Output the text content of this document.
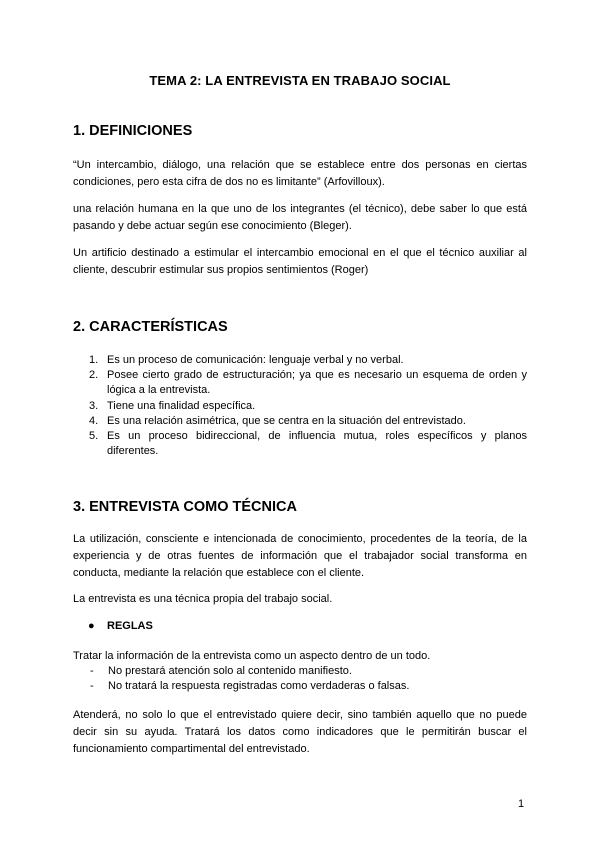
TEMA 2: LA ENTREVISTA EN TRABAJO SOCIAL
1. DEFINICIONES

“Un intercambio, diálogo, una relación que se establece entre dos personas en ciertas condiciones, pero esta cifra de dos no es limitante” (Arfovilloux).

una relación humana en la que uno de los integrantes (el técnico), debe saber lo que está pasando y debe actuar según ese conocimiento (Bleger).

Un artificio destinado a estimular el intercambio emocional en el que el técnico auxiliar al cliente, descubrir estimular sus propios sentimientos (Roger)

2. CARACTERÍSTICAS
1. Es un proceso de comunicación: lenguaje verbal y no verbal.
2. Posee cierto grado de estructuración; ya que es necesario un esquema de orden y lógica a la entrevista.
3. Tiene una finalidad específica.
4. Es una relación asimétrica, que se centra en la situación del entrevistado.
5. Es un proceso bidireccional, de influencia mutua, roles específicos y planos diferentes.
3. ENTREVISTA COMO TÉCNICA

La utilización, consciente e intencionada de conocimiento, procedentes de la teoría, de la experiencia y de otras fuentes de información que el trabajador social transforma en conducta, mediante la relación que establece con el cliente.

La entrevista es una técnica propia del trabajo social.

● REGLAS

Tratar la información de la entrevista como un aspecto dentro de un todo.

- No prestará atención solo al contenido manifiesto.
- No tratará la respuesta registradas como verdaderas o falsas.

Atenderá, no solo lo que el entrevistado quiere decir, sino también aquello que no puede decir sin su ayuda. Tratará los datos como indicadores que le permitirán buscar el funcionamiento compartimental del entrevistado.

1
